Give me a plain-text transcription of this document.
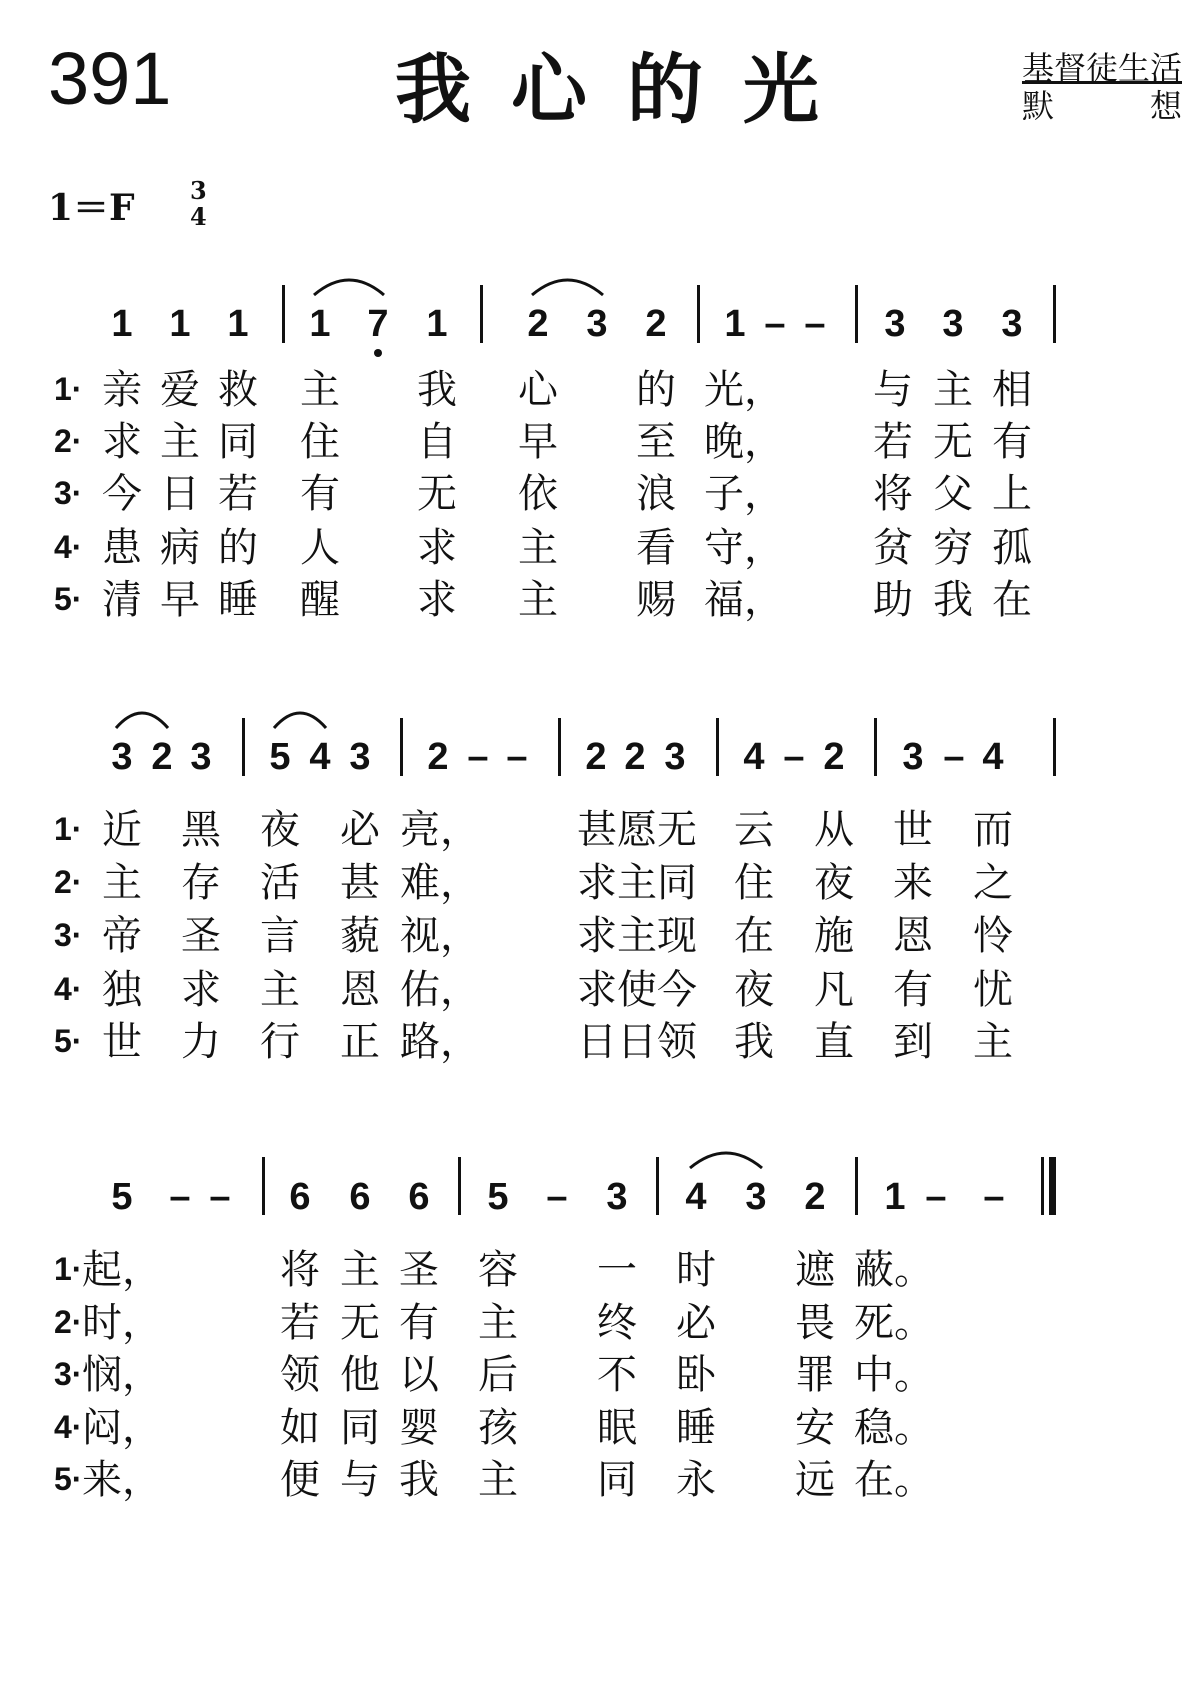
391	我心的光	基督徒生活
默	想
1＝F 3
4
1 1 1 1 7 1 2 3 2 1 – – 3 3 3
1· 亲 爱 救 主 我 心 的 光， 与 主 相
2· 求 主 同 住 自 早 至 晚， 若 无 有
3· 今 日 若 有 无 依 浪 子， 将 父 上
4· 患 病 的 人 求 主 看 守， 贫 穷 孤
5· 清 早 睡 醒 求 主 赐 福， 助 我 在
3 2 3 5 4 3 2 – – 2 2 3 4 – 2 3 – 4
1· 近 黑 夜 必 亮， 甚愿无 云 从 世 而
2· 主 存 活 甚 难， 求主同 住 夜 来 之
3· 帝 圣 言 藐 视， 求主现 在 施 恩 怜
4· 独 求 主 恩 佑， 求使今 夜 凡 有 忧
5· 世 力 行 正 路， 日日领 我 直 到 主
5 – – 6 6 6 5 – 3 4 3 2 1 – –
1· 起，	将 主 圣 容 一 时 遮 蔽。
2· 时，	若 无 有 主 终 必 畏 死。
3· 悯，	领 他 以 后 不 卧 罪 中。
4· 闷，	如 同 婴 孩 眠 睡 安 稳。
5· 来，	便 与 我 主 同 永 远 在。
